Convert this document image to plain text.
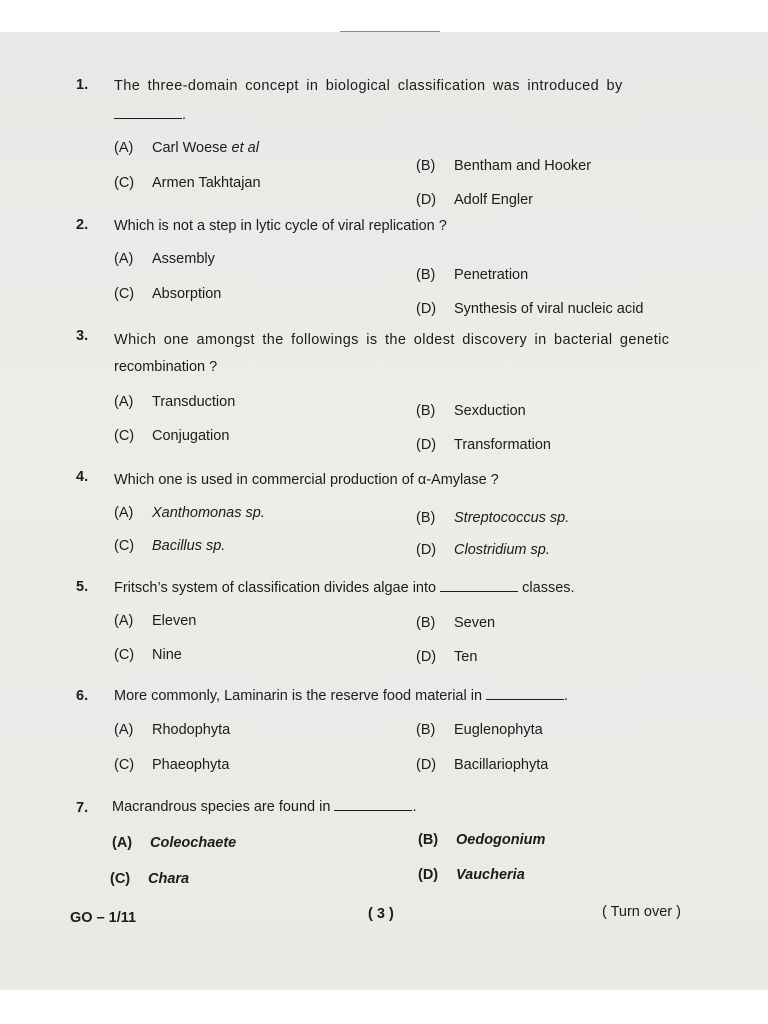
1. The three-domain concept in biological classification was introduced by
.
(A) Carl Woese et al
(B) Bentham and Hooker
(C) Armen Takhtajan
(D) Adolf Engler
2. Which is not a step in lytic cycle of viral replication ?
(A) Assembly
(B) Penetration
(C) Absorption
(D) Synthesis of viral nucleic acid
3. Which one amongst the followings is the oldest discovery in bacterial genetic
recombination ?
(A) Transduction
(B) Sexduction
(C) Conjugation
(D) Transformation
4. Which one is used in commercial production of α-Amylase ?
(A) Xanthomonas sp.	(B) Streptococcus sp.
(C) Bacillus sp.	(D) Clostridium sp.
5. Fritsch’s system of classification divides algae into	classes.
(A) Eleven	(B) Seven
(C) Nine	(D) Ten
6. More commonly, Laminarin is the reserve food material in	.
(A) Rhodophyta	(B) Euglenophyta
(C) Phaeophyta	(D) Bacillariophyta
7. Macrandrous species are found in	.
(A) Coleochaete	(B) Oedogonium
(C) Chara	(D) Vaucheria
GO – 1/11	( 3 )	( Turn over )
